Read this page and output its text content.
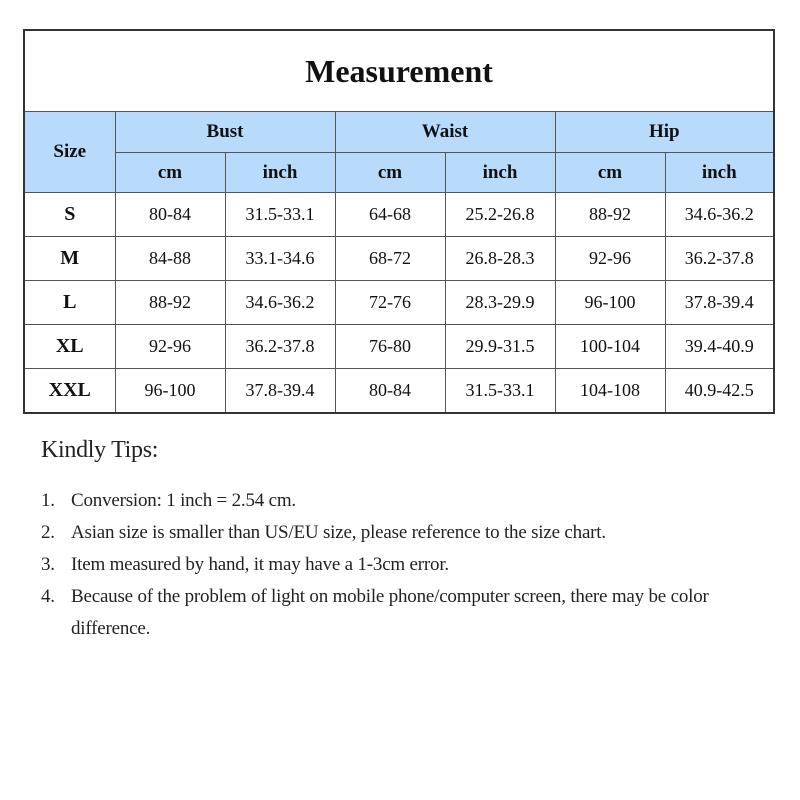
Measurement						
Size	Bust		Waist		Hip	
	cm	inch	cm	inch	cm	inch
S	80-84	31.5-33.1	64-68	25.2-26.8	88-92	34.6-36.2
M	84-88	33.1-34.6	68-72	26.8-28.3	92-96	36.2-37.8
L	88-92	34.6-36.2	72-76	28.3-29.9	96-100	37.8-39.4
XL	92-96	36.2-37.8	76-80	29.9-31.5	100-104	39.4-40.9
XXL	96-100	37.8-39.4	80-84	31.5-33.1	104-108	40.9-42.5
Kindly Tips:
1. Conversion: 1 inch = 2.54 cm.
2. Asian size is smaller than US/EU size, please reference to the size chart.
3. Item measured by hand, it may have a 1-3cm error.
4. Because of the problem of light on mobile phone/computer screen, there may be color difference.
